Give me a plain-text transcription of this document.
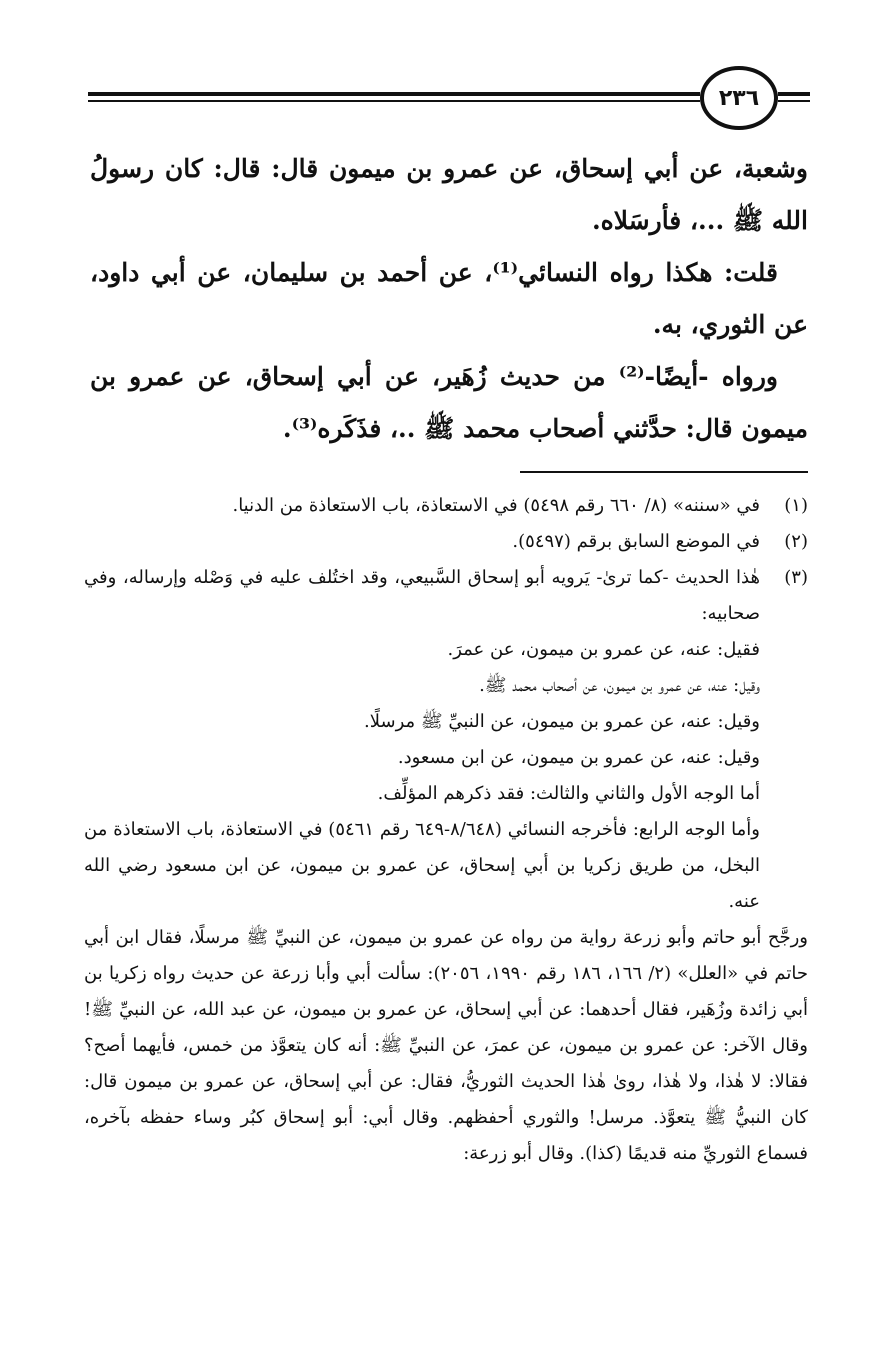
٢٣٦

وشعبة، عن أبي إسحاق، عن عمرو بن ميمون قال: قال: كان رسولُ الله ﷺ ...، فأرسَلاه.

قلت: هكذا رواه النسائي⁽¹⁾، عن أحمد بن سليمان، عن أبي داود، عن الثوري، به.

ورواه -أيضًا-⁽²⁾ من حديث زُهَير، عن أبي إسحاق، عن عمرو بن ميمون قال: حدَّثني أصحاب محمد ﷺ ..، فذَكَره⁽³⁾.

(١)

في «سننه» (٨/ ٦٦٠ رقم ٥٤٩٨) في الاستعاذة، باب الاستعاذة من الدنيا.

(٢)

في الموضع السابق برقم (٥٤٩٧).

(٣)

هٰذا الحديث -كما ترىٰ- يَرويه أبو إسحاق السَّبيعي، وقد اختُلف عليه في وَصْله وإرساله، وفي صحابيه:

فقيل: عنه، عن عمرو بن ميمون، عن عمرَ.

وقيل: عنه، عن عمرو بن ميمون، عن أصحاب محمد ﷺ.

وقيل: عنه، عن عمرو بن ميمون، عن النبيِّ ﷺ مرسلًا.

وقيل: عنه، عن عمرو بن ميمون، عن ابن مسعود.

أما الوجه الأول والثاني والثالث: فقد ذكرهم المؤلِّف.

وأما الوجه الرابع: فأخرجه النسائي (٨/٦٤٨-٦٤٩ رقم ٥٤٦١) في الاستعاذة، باب الاستعاذة من البخل، من طريق زكريا بن أبي إسحاق، عن عمرو بن ميمون، عن ابن مسعود رضي الله عنه.

ورجَّح أبو حاتم وأبو زرعة رواية من رواه عن عمرو بن ميمون، عن النبيِّ ﷺ مرسلًا، فقال ابن أبي حاتم في «العلل» (٢/ ١٦٦، ١٨٦ رقم ١٩٩٠، ٢٠٥٦): سألت أبي وأبا زرعة عن حديث رواه زكريا بن أبي زائدة وزُهَير، فقال أحدهما: عن أبي إسحاق، عن عمرو بن ميمون، عن عبد الله، عن النبيِّ ﷺ! وقال الآخر: عن عمرو بن ميمون، عن عمرَ، عن النبيِّ ﷺ: أنه كان يتعوَّذ من خمس، فأيهما أصح؟ فقالا: لا هٰذا، ولا هٰذا، روىٰ هٰذا الحديث الثوريُّ، فقال: عن أبي إسحاق، عن عمرو بن ميمون قال: كان النبيُّ ﷺ يتعوَّذ. مرسل! والثوري أحفظهم. وقال أبي: أبو إسحاق كبُر وساء حفظه بآخره، فسماع الثوريِّ منه قديمًا (كذا). وقال أبو زرعة:
